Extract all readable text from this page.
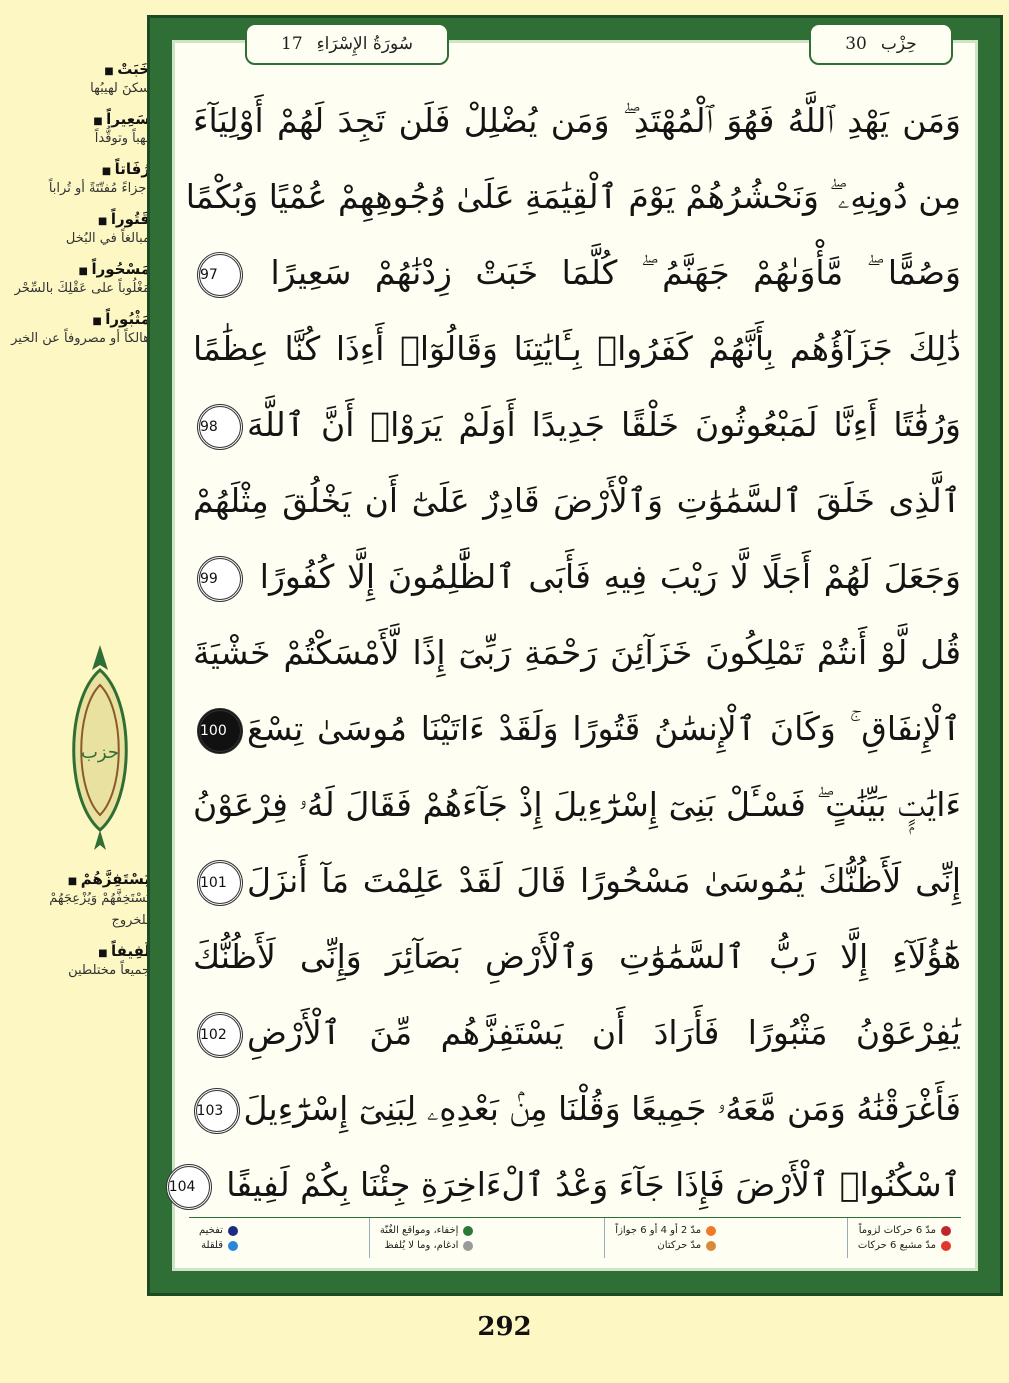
خَبَتْ ■
سكنَ لهيبُها
سَعِيراً ■
لهباً وتوقُّداً
رُفَاتاً ■
أجزاءً مُفتّتَةً أو تُراباً
قَتُوراً ■
مبالغاً في البُخل
مَسْحُوراً ■
مَغْلُوباً على عَقْلِكَ بالسِّحْر
مَثْبُوراً ■
هالكاً أو مصروفاً عن الخير
حزب
يَسْتَفِزَّهُمْ ■
يَسْتَخِفَّهُمْ وَيُزْعِجَهُمْ للخروج
لَفِيفاً ■
جميعاً مختلطين
سُورَةُ الإِسْرَاءِ
17	حِزْب
30
وَمَن يَهْدِ ٱللَّهُ فَهُوَ ٱلْمُهْتَدِ ۖ وَمَن يُضْلِلْ فَلَن تَجِدَ لَهُمْ أَوْلِيَآءَ
مِن دُونِهِۦ ۖ وَنَحْشُرُهُمْ يَوْمَ ٱلْقِيَٰمَةِ عَلَىٰ وُجُوهِهِمْ عُمْيًا وَبُكْمًا
وَصُمًّا ۖ مَّأْوَىٰهُمْ جَهَنَّمُ ۖ كُلَّمَا خَبَتْ زِدْنَٰهُمْ سَعِيرًا 97
ذَٰلِكَ جَزَآؤُهُم بِأَنَّهُمْ كَفَرُوا۟ بِـَٔايَٰتِنَا وَقَالُوٓا۟ أَءِذَا كُنَّا عِظَٰمًا
وَرُفَٰتًا أَءِنَّا لَمَبْعُوثُونَ خَلْقًا جَدِيدًا أَوَلَمْ يَرَوْا۟ أَنَّ ٱللَّهَ98
ٱلَّذِى خَلَقَ ٱلسَّمَٰوَٰتِ وَٱلْأَرْضَ قَادِرٌ عَلَىٰٓ أَن يَخْلُقَ مِثْلَهُمْ
وَجَعَلَ لَهُمْ أَجَلًا لَّا رَيْبَ فِيهِ فَأَبَى ٱلظَّٰلِمُونَ إِلَّا كُفُورًا 99
قُل لَّوْ أَنتُمْ تَمْلِكُونَ خَزَآئِنَ رَحْمَةِ رَبِّىٓ إِذًا لَّأَمْسَكْتُمْ خَشْيَةَ
ٱلْإِنفَاقِ ۚ وَكَانَ ٱلْإِنسَٰنُ قَتُورًا وَلَقَدْ ءَاتَيْنَا مُوسَىٰ تِسْعَ100
ءَايَٰتٍۭ بَيِّنَٰتٍ ۖ فَسْـَٔلْ بَنِىٓ إِسْرَٰٓءِيلَ إِذْ جَآءَهُمْ فَقَالَ لَهُۥ فِرْعَوْنُ
إِنِّى لَأَظُنُّكَ يَٰمُوسَىٰ مَسْحُورًا قَالَ لَقَدْ عَلِمْتَ مَآ أَنزَلَ101
هَٰٓؤُلَآءِ إِلَّا رَبُّ ٱلسَّمَٰوَٰتِ وَٱلْأَرْضِ بَصَآئِرَ وَإِنِّى لَأَظُنُّكَ
يَٰفِرْعَوْنُ مَثْبُورًا فَأَرَادَ أَن يَسْتَفِزَّهُم مِّنَ ٱلْأَرْضِ102
فَأَغْرَقْنَٰهُ وَمَن مَّعَهُۥ جَمِيعًا وَقُلْنَا مِنۢ بَعْدِهِۦ لِبَنِىٓ إِسْرَٰٓءِيلَ103
ٱسْكُنُوا۟ ٱلْأَرْضَ فَإِذَا جَآءَ وَعْدُ ٱلْءَاخِرَةِ جِئْنَا بِكُمْ لَفِيفًا 104
مدّ 6 حركات لزوماً
مدّ مشبع 6 حركات
مدّ 2 أو 4 أو 6 جوازاً
مدّ حركتان
إخفاء، ومواقع الغُنّة
ادغام، وما لا يُلفظ
تفخيم
قلقلة
292
